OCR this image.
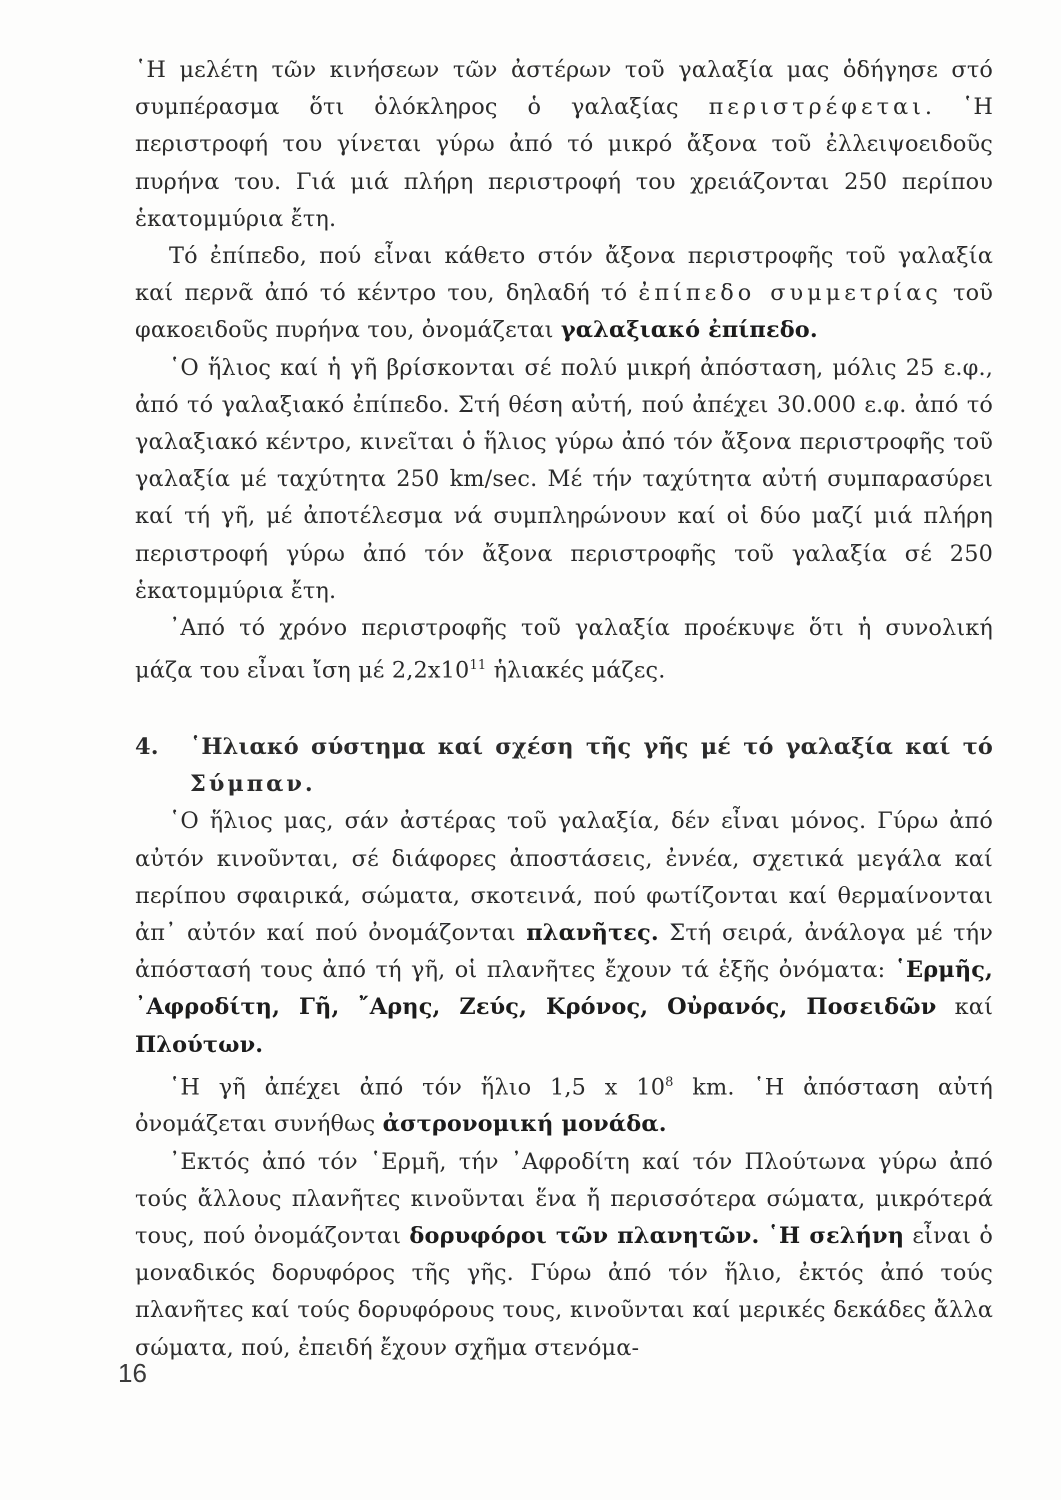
῾Η μελέτη τῶν κινήσεων τῶν ἀστέρων τοῦ γαλαξία μας ὁδήγησε στό συμπέρασμα ὅτι ὁλόκληρος ὁ γαλαξίας περιστρέφεται. ῾Η περιστροφή του γίνεται γύρω ἀπό τό μικρό ἄξονα τοῦ ἐλλειψοειδοῦς πυρήνα του. Γιά μιά πλήρη περιστροφή του χρειάζονται 250 περίπου ἑκατομμύρια ἔτη.

Τό ἐπίπεδο, πού εἶναι κάθετο στόν ἄξονα περιστροφῆς τοῦ γαλαξία καί περνᾶ ἀπό τό κέντρο του, δηλαδή τό ἐπίπεδο συμμετρίας τοῦ φακοειδοῦς πυρήνα του, ὀνομάζεται γαλαξιακό ἐπίπεδο.

῾Ο ἥλιος καί ἡ γῆ βρίσκονται σέ πολύ μικρή ἀπόσταση, μόλις 25 ε.φ., ἀπό τό γαλαξιακό ἐπίπεδο. Στή θέση αὐτή, πού ἀπέχει 30.000 ε.φ. ἀπό τό γαλαξιακό κέντρο, κινεῖται ὁ ἥλιος γύρω ἀπό τόν ἄξονα περιστροφῆς τοῦ γαλαξία μέ ταχύτητα 250 km/sec. Μέ τήν ταχύτητα αὐτή συμπαρασύρει καί τή γῆ, μέ ἀποτέλεσμα νά συμπληρώνουν καί οἱ δύο μαζί μιά πλήρη περιστροφή γύρω ἀπό τόν ἄξονα περιστροφῆς τοῦ γαλαξία σέ 250 ἑκατομμύρια ἔτη.

᾽Από τό χρόνο περιστροφῆς τοῦ γαλαξία προέκυψε ὅτι ἡ συνολική μάζα του εἶναι ἴση μέ $2,2x10^{11}$ ἡλιακές μάζες.

4. ῾Ηλιακό σύστημα καί σχέση τῆς γῆς μέ τό γαλαξία καί τό Σύμπαν.

῾Ο ἥλιος μας, σάν ἀστέρας τοῦ γαλαξία, δέν εἶναι μόνος. Γύρω ἀπό αὐτόν κινοῦνται, σέ διάφορες ἀποστάσεις, ἐννέα, σχετικά μεγάλα καί περίπου σφαιρικά, σώματα, σκοτεινά, πού φωτίζονται καί θερμαίνονται ἀπ᾽ αὐτόν καί πού ὀνομάζονται πλανῆτες. Στή σειρά, ἀνάλογα μέ τήν ἀπόστασή τους ἀπό τή γῆ, οἱ πλανῆτες ἔχουν τά ἑξῆς ὀνόματα: ῾Ερμῆς, ᾽Αφροδίτη, Γῆ, ῎Αρης, Ζεύς, Κρόνος, Οὐρανός, Ποσειδῶν καί Πλούτων.

῾Η γῆ ἀπέχει ἀπό τόν ἥλιο 1,5 x $10^8$ km. ῾Η ἀπόσταση αὐτή ὀνομάζεται συνήθως ἀστρονομική μονάδα.

᾽Εκτός ἀπό τόν ῾Ερμῆ, τήν ᾽Αφροδίτη καί τόν Πλούτωνα γύρω ἀπό τούς ἄλλους πλανῆτες κινοῦνται ἕνα ἤ περισσότερα σώματα, μικρότερά τους, πού ὀνομάζονται δορυφόροι τῶν πλανητῶν. ῾Η σελήνη εἶναι ὁ μοναδικός δορυφόρος τῆς γῆς. Γύρω ἀπό τόν ἥλιο, ἐκτός ἀπό τούς πλανῆτες καί τούς δορυφόρους τους, κινοῦνται καί μερικές δεκάδες ἄλλα σώματα, πού, ἐπειδή ἔχουν σχῆμα στενόμα-

16
